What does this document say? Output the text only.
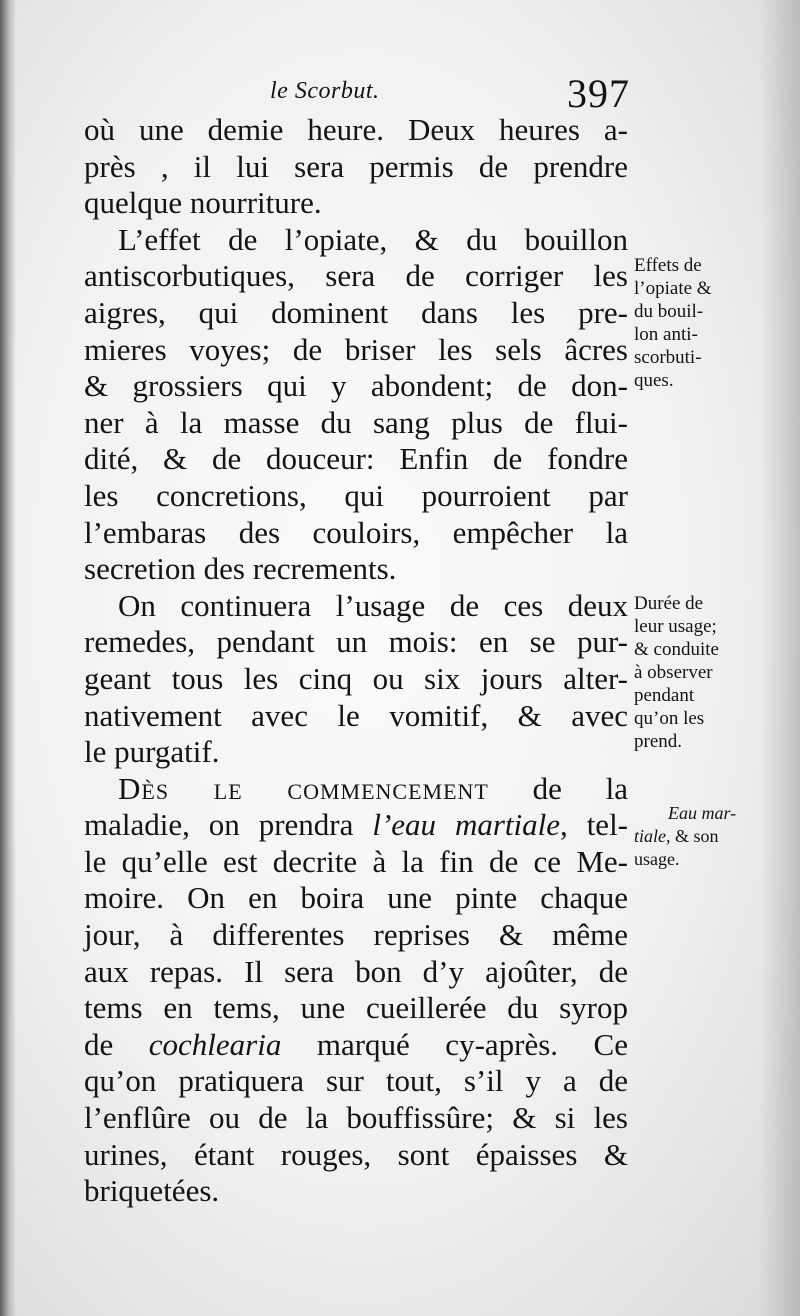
le Scorbut.	397
où une demie heure. Deux heures a-
près , il lui sera permis de prendre
quelque nourriture.
L’effet de l’opiate, & du bouillon
antiscorbutiques, sera de corriger les
aigres, qui dominent dans les pre-
mieres voyes; de briser les sels âcres
& grossiers qui y abondent; de don-
ner à la masse du sang plus de flui-
dité, & de douceur: Enfin de fondre
les concretions, qui pourroient par
l’embaras des couloirs, empêcher la
secretion des recrements.
On continuera l’usage de ces deux
remedes, pendant un mois: en se pur-
geant tous les cinq ou six jours alter-
nativement avec le vomitif, & avec
le purgatif.
Dès le commencement de la
maladie, on prendra l’eau martiale, tel-
le qu’elle est decrite à la fin de ce Me-
moire. On en boira une pinte chaque
jour, à differentes reprises & même
aux repas. Il sera bon d’y ajoûter, de
tems en tems, une cueillerée du syrop
de cochlearia marqué cy-après. Ce
qu’on pratiquera sur tout, s’il y a de
l’enflûre ou de la bouffissûre; & si les
urines, étant rouges, sont épaisses &
briquetées.
Effets de
l’opiate &
du bouil-
lon anti-
scorbuti-
ques.
Durée de
leur usage;
& conduite
à observer
pendant
qu’on les
prend.
Eau mar-
tiale, & son
usage.
